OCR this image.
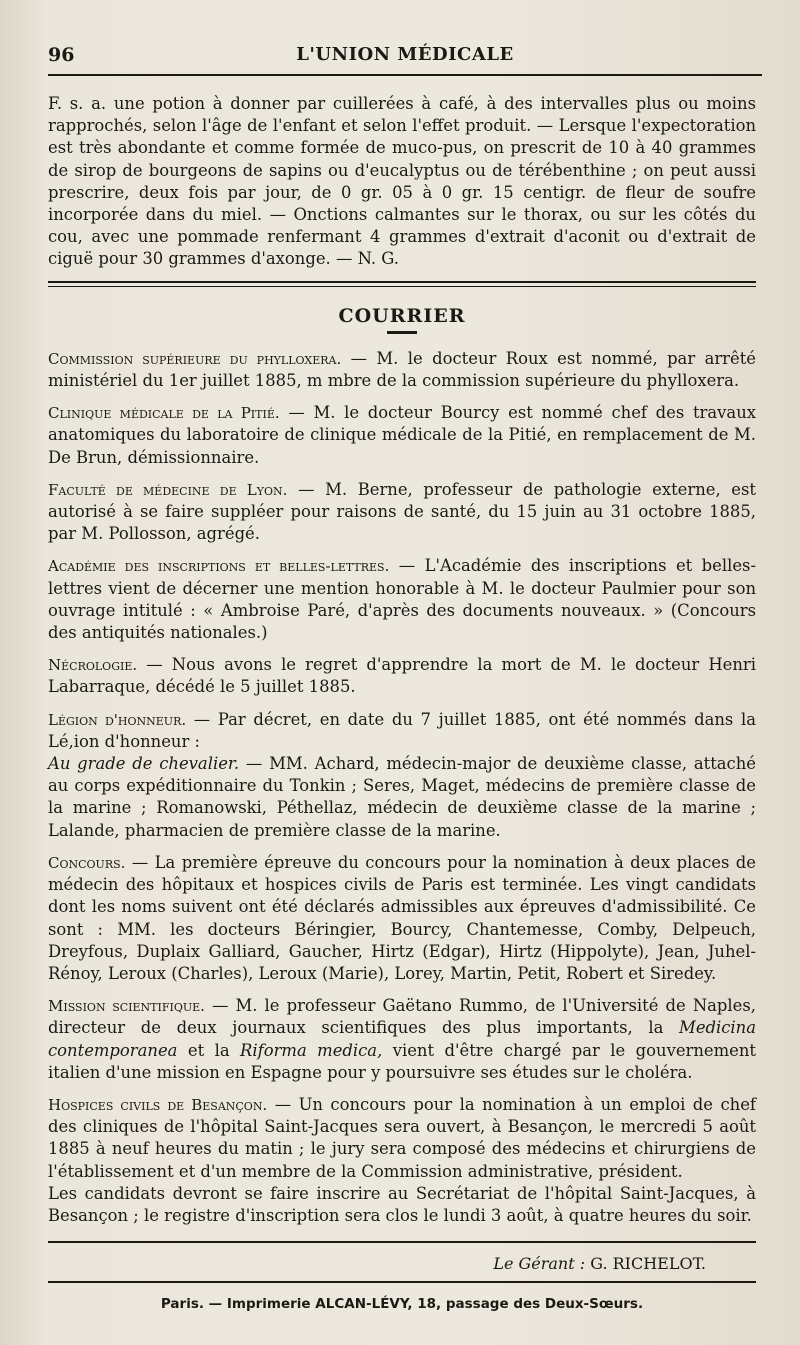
96	L'UNION MÉDICALE

F. s. a. une potion à donner par cuillerées à café, à des intervalles plus ou moins rapprochés, selon l'âge de l'enfant et selon l'effet produit. — Lersque l'expectoration est très abondante et comme formée de muco-pus, on prescrit de 10 à 40 grammes de sirop de bourgeons de sapins ou d'eucalyptus ou de térébenthine ; on peut aussi prescrire, deux fois par jour, de 0 gr. 05 à 0 gr. 15 centigr. de fleur de soufre incorporée dans du miel. — Onctions calmantes sur le thorax, ou sur les côtés du cou, avec une pommade renfermant 4 grammes d'extrait d'aconit ou d'extrait de ciguë pour 30 grammes d'axonge. — N. G.

COURRIER

Commission supérieure du phylloxera. — M. le docteur Roux est nommé, par arrêté ministériel du 1er juillet 1885, m mbre de la commission supérieure du phylloxera.

Clinique médicale de la Pitié. — M. le docteur Bourcy est nommé chef des travaux anatomiques du laboratoire de clinique médicale de la Pitié, en remplacement de M. De Brun, démissionnaire.

Faculté de médecine de Lyon. — M. Berne, professeur de pathologie externe, est autorisé à se faire suppléer pour raisons de santé, du 15 juin au 31 octobre 1885, par M. Pollosson, agrégé.

Académie des inscriptions et belles-lettres. — L'Académie des inscriptions et belles-lettres vient de décerner une mention honorable à M. le docteur Paulmier pour son ouvrage intitulé : « Ambroise Paré, d'après des documents nouveaux. » (Concours des antiquités nationales.)

Nécrologie. — Nous avons le regret d'apprendre la mort de M. le docteur Henri Labarraque, décédé le 5 juillet 1885.

Légion d'honneur. — Par décret, en date du 7 juillet 1885, ont été nommés dans la Lé,ion d'honneur :

Au grade de chevalier. — MM. Achard, médecin-major de deuxième classe, attaché au corps expéditionnaire du Tonkin ; Seres, Maget, médecins de première classe de la marine ; Romanowski, Péthellaz, médecin de deuxième classe de la marine ; Lalande, pharmacien de première classe de la marine.

Concours. — La première épreuve du concours pour la nomination à deux places de médecin des hôpitaux et hospices civils de Paris est terminée. Les vingt candidats dont les noms suivent ont été déclarés admissibles aux épreuves d'admissibilité. Ce sont : MM. les docteurs Béringier, Bourcy, Chantemesse, Comby, Delpeuch, Dreyfous, Duplaix Galliard, Gaucher, Hirtz (Edgar), Hirtz (Hippolyte), Jean, Juhel-Rénoy, Leroux (Charles), Leroux (Marie), Lorey, Martin, Petit, Robert et Siredey.

Mission scientifique. — M. le professeur Gaëtano Rummo, de l'Université de Naples, directeur de deux journaux scientifiques des plus importants, la Medicina contemporanea et la Riforma medica, vient d'être chargé par le gouvernement italien d'une mission en Espagne pour y poursuivre ses études sur le choléra.

Hospices civils de Besançon. — Un concours pour la nomination à un emploi de chef des cliniques de l'hôpital Saint-Jacques sera ouvert, à Besançon, le mercredi 5 août 1885 à neuf heures du matin ; le jury sera composé des médecins et chirurgiens de l'établissement et d'un membre de la Commission administrative, président.

Les candidats devront se faire inscrire au Secrétariat de l'hôpital Saint-Jacques, à Besançon ; le registre d'inscription sera clos le lundi 3 août, à quatre heures du soir.

Le Gérant : G. RICHELOT.
Paris. — Imprimerie ALCAN-LÉVY, 18, passage des Deux-Sœurs.
